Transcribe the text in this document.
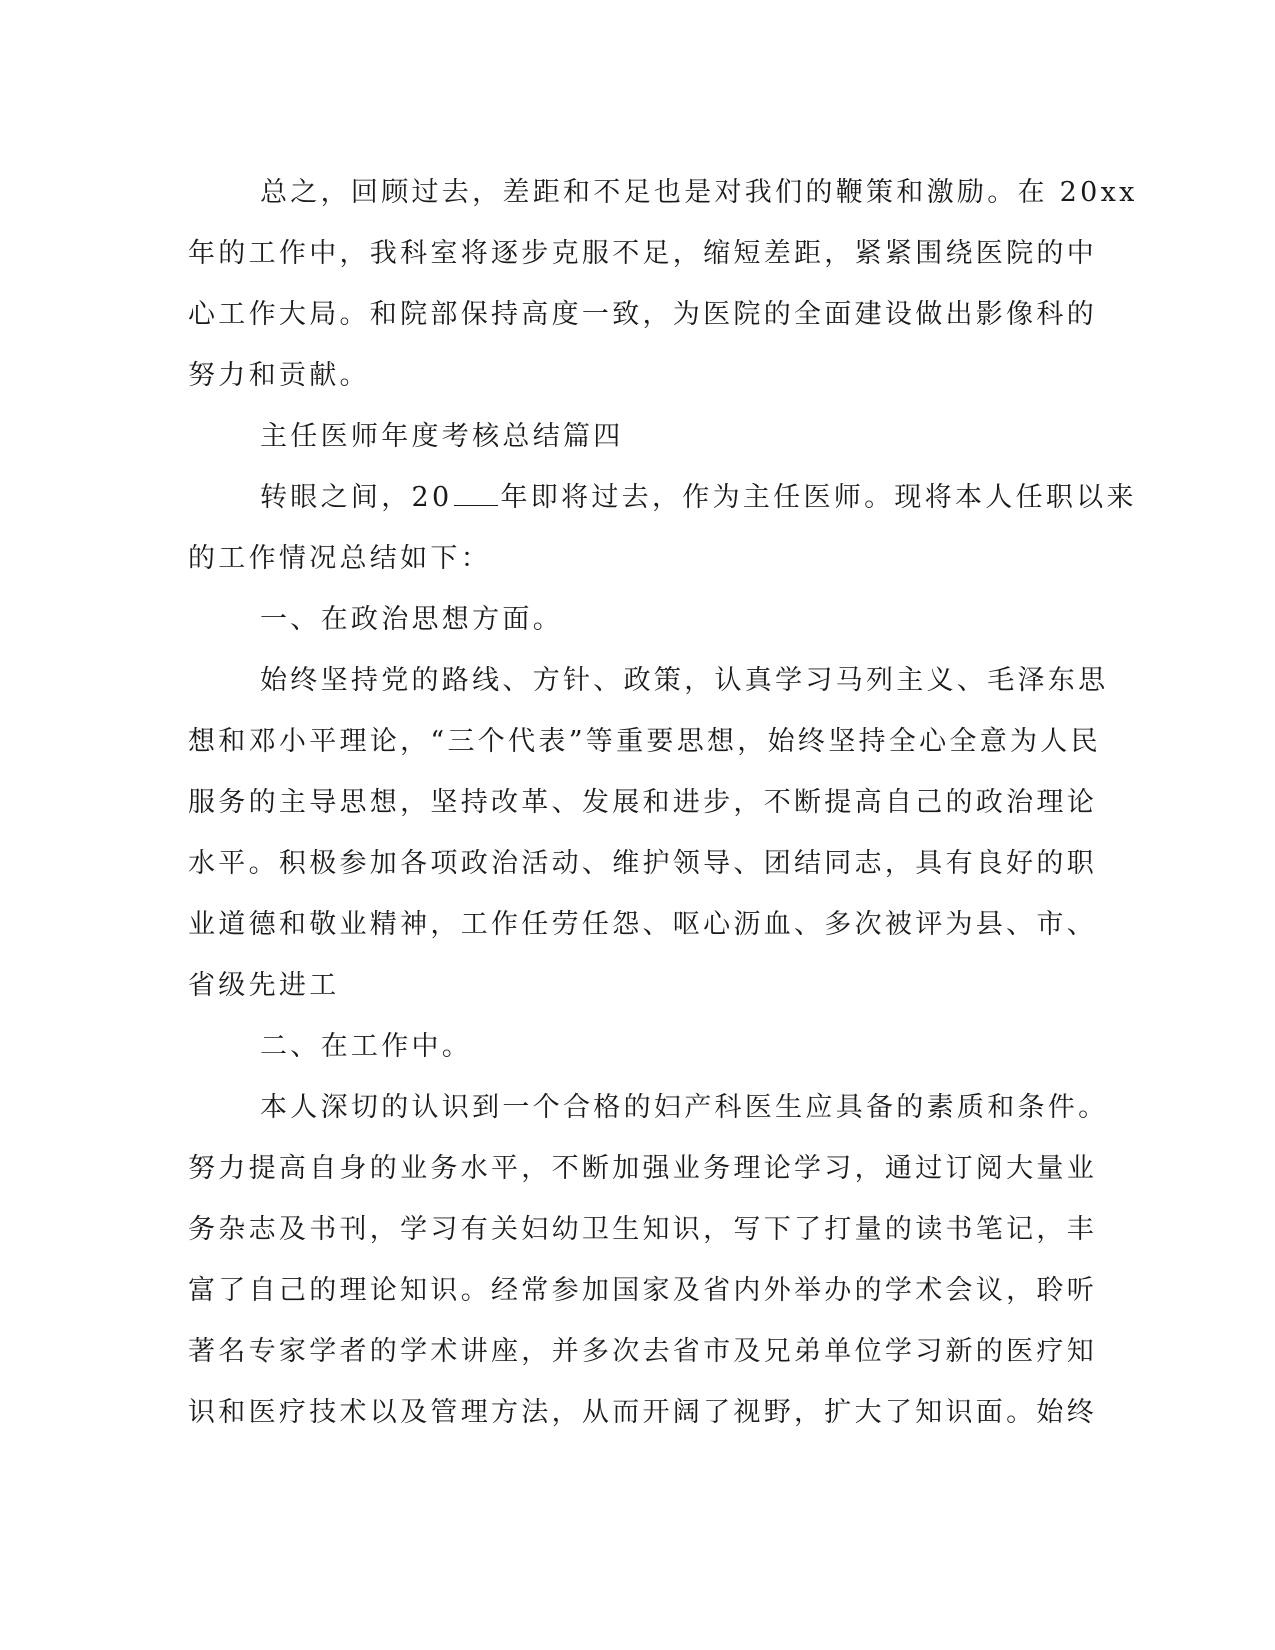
总之，回顾过去，差距和不足也是对我们的鞭策和激励。在 20xx
年的工作中，我科室将逐步克服不足，缩短差距，紧紧围绕医院的中
心工作大局。和院部保持高度一致，为医院的全面建设做出影像科的
努力和贡献。
主任医师年度考核总结篇四
转眼之间，20 年即将过去，作为主任医师。现将本人任职以来
的工作情况总结如下：
一、在政治思想方面。
始终坚持党的路线、方针、政策，认真学习马列主义、毛泽东思
想和邓小平理论，“三个代表”等重要思想，始终坚持全心全意为人民
服务的主导思想，坚持改革、发展和进步，不断提高自己的政治理论
水平。积极参加各项政治活动、维护领导、团结同志，具有良好的职
业道德和敬业精神，工作任劳任怨、呕心沥血、多次被评为县、市、
省级先进工
二、在工作中。
本人深切的认识到一个合格的妇产科医生应具备的素质和条件。
努力提高自身的业务水平，不断加强业务理论学习，通过订阅大量业
务杂志及书刊，学习有关妇幼卫生知识，写下了打量的读书笔记，丰
富了自己的理论知识。经常参加国家及省内外举办的学术会议，聆听
著名专家学者的学术讲座，并多次去省市及兄弟单位学习新的医疗知
识和医疗技术以及管理方法，从而开阔了视野，扩大了知识面。始终
